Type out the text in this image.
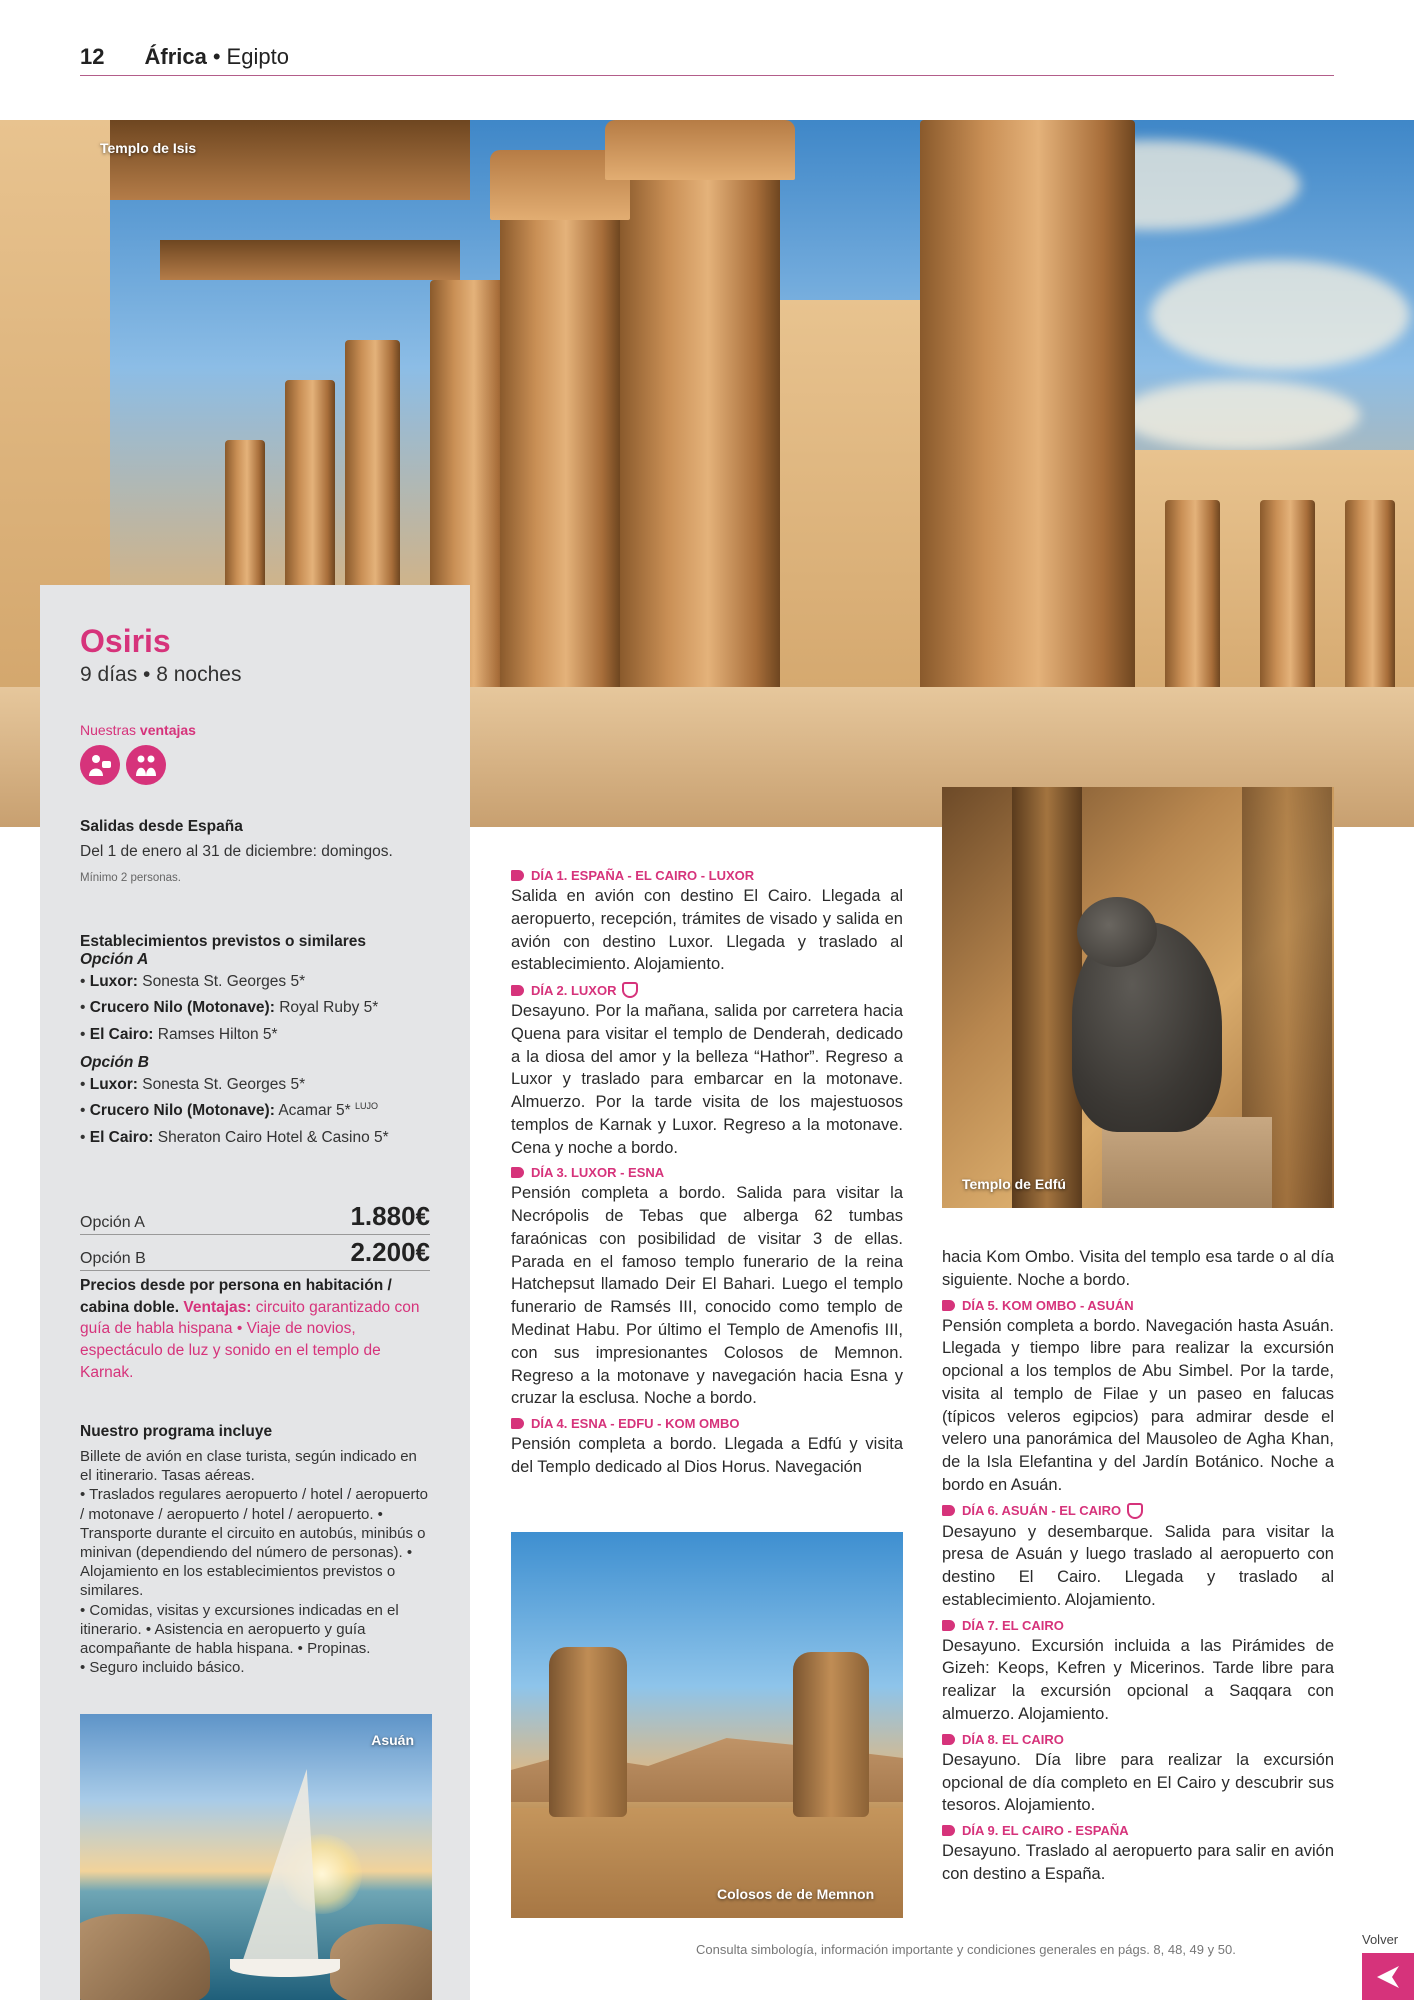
12 África • Egipto
Templo de Isis
Osiris
9 días • 8 noches
Nuestras ventajas
Salidas desde España
Del 1 de enero al 31 de diciembre: domingos.
Mínimo 2 personas.
Establecimientos previstos o similares
Opción A
• Luxor: Sonesta St. Georges 5*
• Crucero Nilo (Motonave): Royal Ruby 5*
• El Cairo: Ramses Hilton 5*
Opción B
• Luxor: Sonesta St. Georges 5*
• Crucero Nilo (Motonave): Acamar 5* $^{LUJO}$
• El Cairo: Sheraton Cairo Hotel & Casino 5*
Opción A	1.880€
Opción B	2.200€
Precios desde por persona en habitación / cabina doble. Ventajas: circuito garantizado con guía de habla hispana • Viaje de novios, espectáculo de luz y sonido en el templo de Karnak.
Nuestro programa incluye
Billete de avión en clase turista, según indicado en el itinerario. Tasas aéreas.
• Traslados regulares aeropuerto / hotel / aeropuerto / motonave / aeropuerto / hotel / aeropuerto. • Transporte durante el circuito en autobús, minibús o minivan (dependiendo del número de personas). • Alojamiento en los establecimientos previstos o similares.
• Comidas, visitas y excursiones indicadas en el itinerario. • Asistencia en aeropuerto y guía acompañante de habla hispana. • Propinas.
• Seguro incluido básico.
Asuán
DÍA 1. ESPAÑA - EL CAIRO - LUXOR
Salida en avión con destino El Cairo. Llegada al aeropuerto, recepción, trámites de visado y salida en avión con destino Luxor. Llegada y traslado al establecimiento. Alojamiento.
DÍA 2. LUXOR
Desayuno. Por la mañana, salida por carretera hacia Quena para visitar el templo de Denderah, dedicado a la diosa del amor y la belleza “Hathor”. Regreso a Luxor y traslado para embarcar en la motonave. Almuerzo. Por la tarde visita de los majestuosos templos de Karnak y Luxor. Regreso a la motonave. Cena y noche a bordo.
DÍA 3. LUXOR - ESNA
Pensión completa a bordo. Salida para visitar la Necrópolis de Tebas que alberga 62 tumbas faraónicas con posibilidad de visitar 3 de ellas. Parada en el famoso templo funerario de la reina Hatchepsut llamado Deir El Bahari. Luego el templo funerario de Ramsés III, conocido como templo de Medinat Habu. Por último el Templo de Amenofis III, con sus impresionantes Colosos de Memnon. Regreso a la motonave y navegación hacia Esna y cruzar la esclusa. Noche a bordo.
DÍA 4. ESNA - EDFU - KOM OMBO
Pensión completa a bordo. Llegada a Edfú y visita del Templo dedicado al Dios Horus. Navegación
Colosos de de Memnon
Templo de Edfú
hacia Kom Ombo. Visita del templo esa tarde o al día siguiente. Noche a bordo.
DÍA 5. KOM OMBO - ASUÁN
Pensión completa a bordo. Navegación hasta Asuán. Llegada y tiempo libre para realizar la excursión opcional a los templos de Abu Simbel. Por la tarde, visita al templo de Filae y un paseo en falucas (típicos veleros egipcios) para admirar desde el velero una panorámica del Mausoleo de Agha Khan, de la Isla Elefantina y del Jardín Botánico. Noche a bordo en Asuán.
DÍA 6. ASUÁN - EL CAIRO
Desayuno y desembarque. Salida para visitar la presa de Asuán y luego traslado al aeropuerto con destino El Cairo. Llegada y traslado al establecimiento. Alojamiento.
DÍA 7. EL CAIRO
Desayuno. Excursión incluida a las Pirámides de Gizeh: Keops, Kefren y Micerinos. Tarde libre para realizar la excursión opcional a Saqqara con almuerzo. Alojamiento.
DÍA 8. EL CAIRO
Desayuno. Día libre para realizar la excursión opcional de día completo en El Cairo y descubrir sus tesoros. Alojamiento.
DÍA 9. EL CAIRO - ESPAÑA
Desayuno. Traslado al aeropuerto para salir en avión con destino a España.
Consulta simbología, información importante y condiciones generales en págs. 8, 48, 49 y 50.
Volver
